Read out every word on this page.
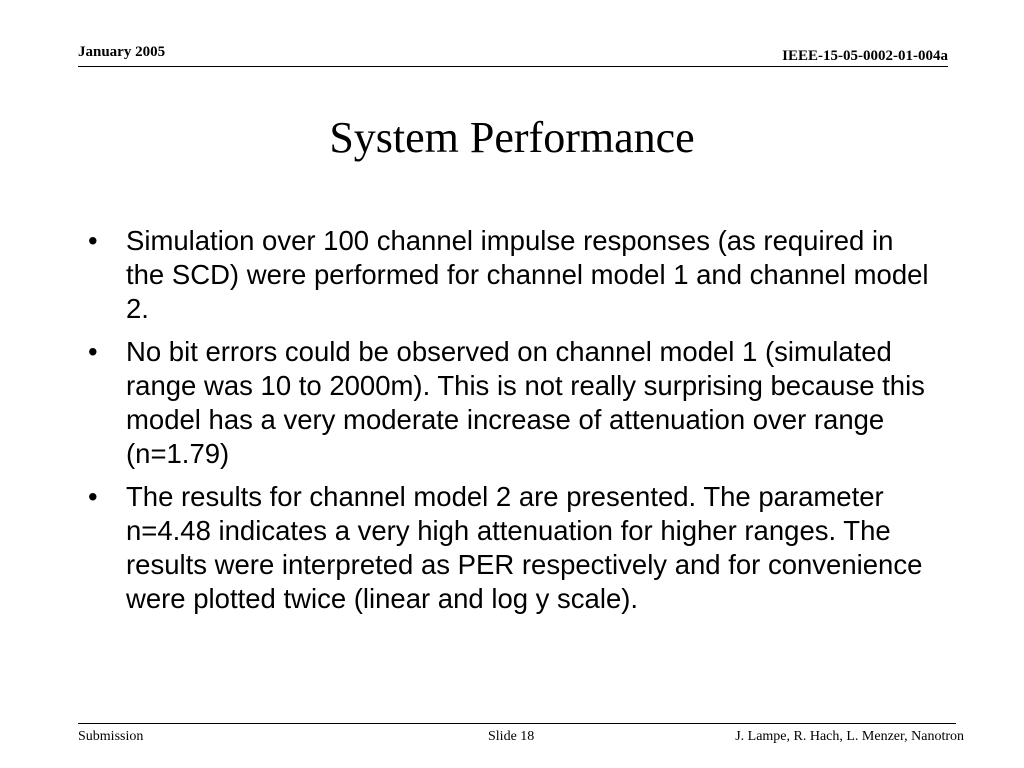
January 2005	IEEE-15-05-0002-01-004a
System Performance
• Simulation over 100 channel impulse responses (as required in the SCD) were performed for channel model 1 and channel model 2.
• No bit errors could be observed on channel model 1 (simulated range was 10 to 2000m). This is not really surprising because this model has a very moderate increase of attenuation over range (n=1.79)
• The results for channel model 2 are presented. The parameter n=4.48 indicates a very high attenuation for higher ranges. The results were interpreted as PER respectively and for convenience were plotted twice (linear and log y scale).
Submission	Slide 18	J. Lampe, R. Hach, L. Menzer, Nanotron
